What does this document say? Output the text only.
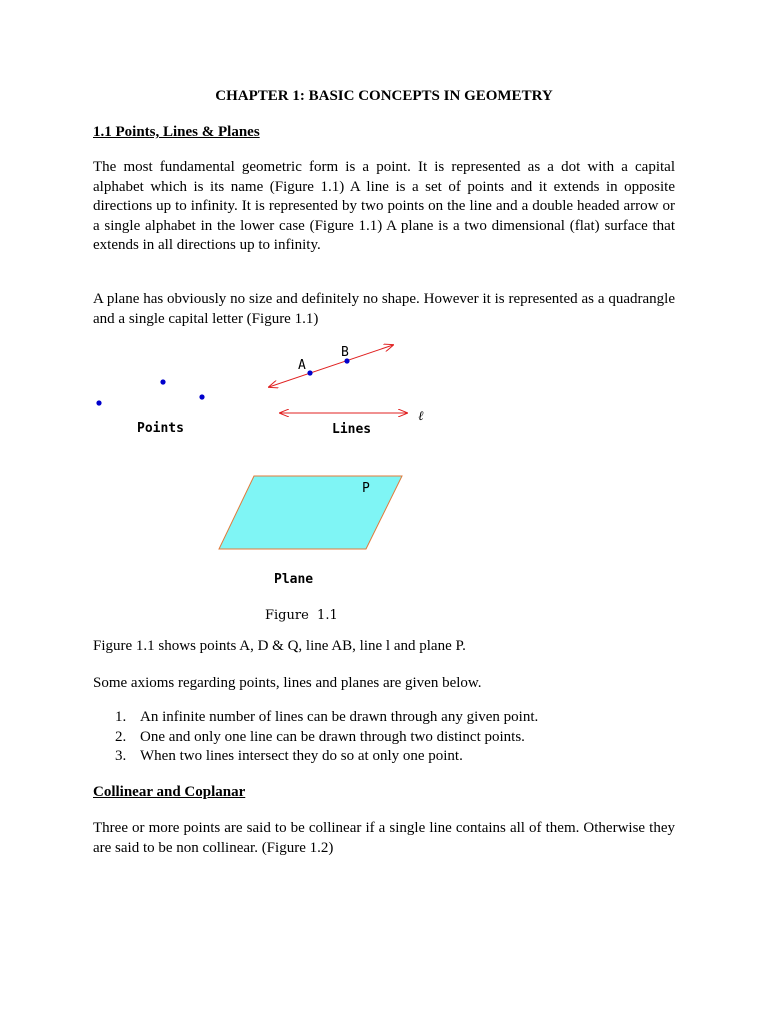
CHAPTER 1: BASIC CONCEPTS IN GEOMETRY
1.1 Points, Lines & Planes

The most fundamental geometric form is a point. It is represented as a dot with a capital alphabet which is its name (Figure 1.1) A line is a set of points and it extends in opposite directions up to infinity. It is represented by two points on the line and a double headed arrow or a single alphabet in the lower case (Figure 1.1) A plane is a two dimensional (flat) surface that extends in all directions up to infinity.

A plane has obviously no size and definitely no shape. However it is represented as a quadrangle and a single capital letter (Figure 1.1)

Points
A
B
ℓ
Lines
P
Plane
Figure  1.1

Figure 1.1 shows points A, D & Q, line AB, line l and plane P.

Some axioms regarding points, lines and planes are given below.

1. An infinite number of lines can be drawn through any given point.
2. One and only one line can be drawn through two distinct points.
3. When two lines intersect they do so at only one point.
Collinear and Coplanar

Three or more points are said to be collinear if a single line contains all of them. Otherwise they are said to be non collinear. (Figure 1.2)
